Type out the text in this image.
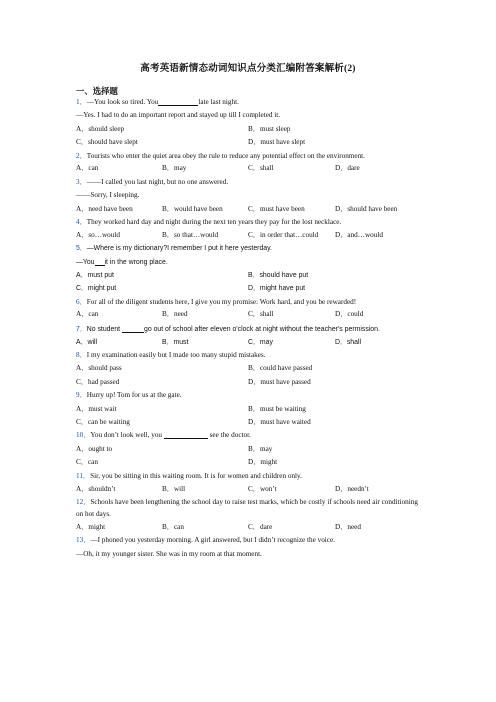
高考英语新情态动词知识点分类汇编附答案解析(2)
一、选择题
1．—You look so tired. You	late last night.
—Yes. I had to do an important report and stayed up till I completed it.
A．should sleep	B．must sleep
C．should have slept	D．must have slept
2．Tourists who enter the quiet area obey the rule to reduce any potential effect on the environment.
A．can	B．may	C．shall	D．dare
3．——I called you last night, but no one answered.
——Sorry, I sleeping.
A．need have been	B．would have been	C．must have been	D．should have been
4．They worked hard day and night during the next ten years they pay for the lost necklace.
A．so…would	B．so that…would	C．in order that…could D．and…would
5．—Where is my dictionary?I remember I put it here yesterday.
—You it in the wrong place.
A．must put	B．should have put
C．might put	D．might have put
6．For all of the diligent students here, I give you my promise: Work hard, and you be rewarded!
A．can	B．need	C．shall	D．could
7．No student	go out of school after eleven o'clock at night without the teacher's permission.
A．will	B．must	C．may	D．shall
8．I my examination easily but I made too many stupid mistakes.
A．should pass	B．could have passed
C．had passed	D．must have passed
9．Hurry up! Tom for us at the gate.
A．must wait	B．must be waiting
C．can be waiting	D．must have waited
10．You don’t look well, you	see the doctor.
A．ought to	B．may
C．can	D．might
11．Sir, you be sitting in this waiting room. It is for women and children only.
A．shouldn’t	B．will	C．won’t	D．needn’t
12．Schools have been lengthening the school day to raise test marks, which be costly if schools need air conditioning on hot days.
A．might	B．can	C．dare	D．need
13．—I phoned you yesterday morning. A girl answered, but I didn’t recognize the voice.
—Oh, it my younger sister. She was in my room at that moment.
